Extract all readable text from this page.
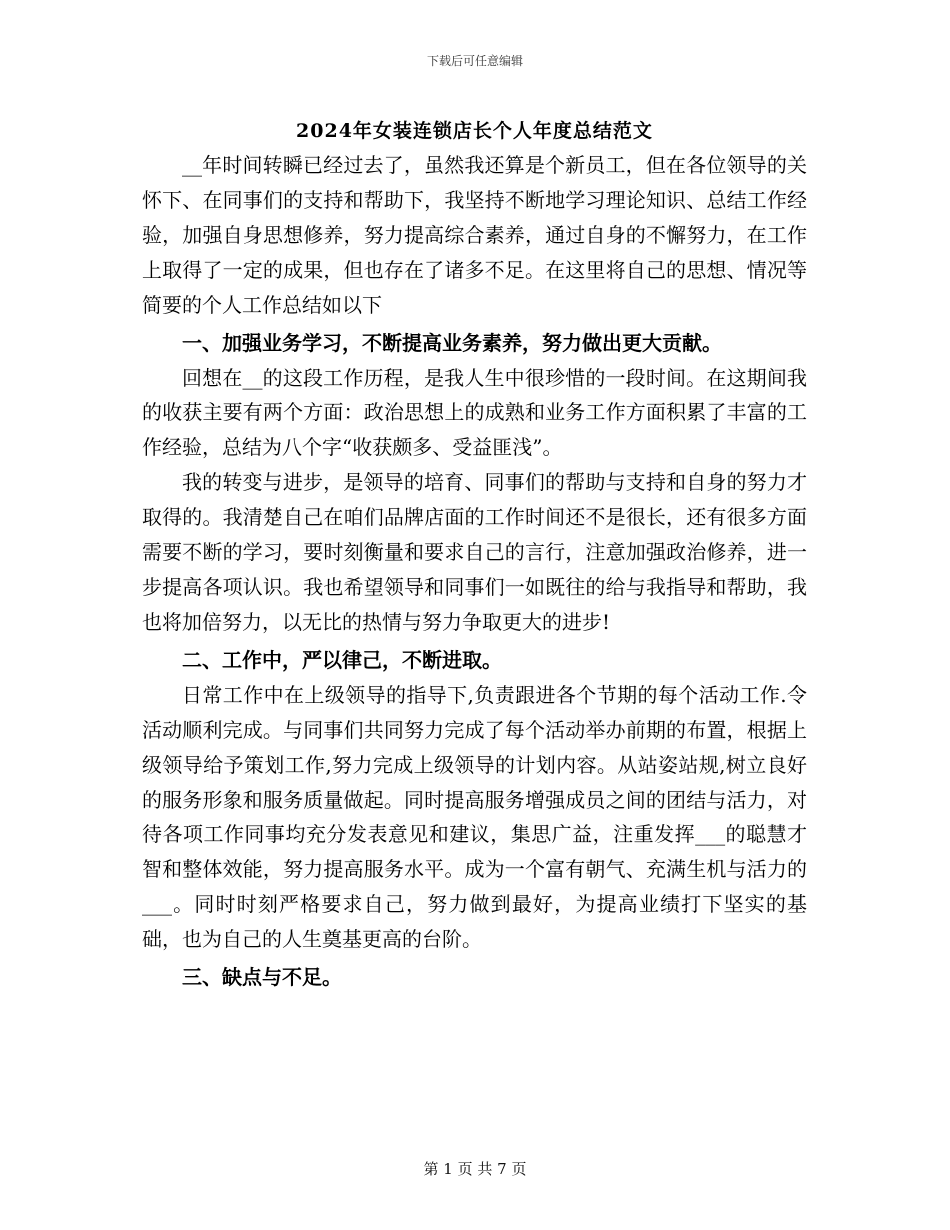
下载后可任意编辑
2024年女装连锁店长个人年度总结范文

__年时间转瞬已经过去了，虽然我还算是个新员工，但在各位领导的关怀下、在同事们的支持和帮助下，我坚持不断地学习理论知识、总结工作经验，加强自身思想修养，努力提高综合素养，通过自身的不懈努力，在工作上取得了一定的成果，但也存在了诸多不足。在这里将自己的思想、情况等简要的个人工作总结如以下

一、加强业务学习，不断提高业务素养，努力做出更大贡献。

回想在__的这段工作历程，是我人生中很珍惜的一段时间。在这期间我的收获主要有两个方面：政治思想上的成熟和业务工作方面积累了丰富的工作经验，总结为八个字“收获颇多、受益匪浅”。

我的转变与进步，是领导的培育、同事们的帮助与支持和自身的努力才取得的。我清楚自己在咱们品牌店面的工作时间还不是很长，还有很多方面需要不断的学习，要时刻衡量和要求自己的言行，注意加强政治修养，进一步提高各项认识。我也希望领导和同事们一如既往的给与我指导和帮助，我也将加倍努力，以无比的热情与努力争取更大的进步!

二、工作中，严以律己，不断进取。

日常工作中在上级领导的指导下,负责跟进各个节期的每个活动工作.令活动顺利完成。与同事们共同努力完成了每个活动举办前期的布置，根据上级领导给予策划工作,努力完成上级领导的计划内容。从站姿站规,树立良好的服务形象和服务质量做起。同时提高服务增强成员之间的团结与活力，对待各项工作同事均充分发表意见和建议，集思广益，注重发挥___的聪慧才智和整体效能，努力提高服务水平。成为一个富有朝气、充满生机与活力的___。同时时刻严格要求自己，努力做到最好，为提高业绩打下坚实的基础，也为自己的人生奠基更高的台阶。

三、缺点与不足。

第 1 页 共 7 页
